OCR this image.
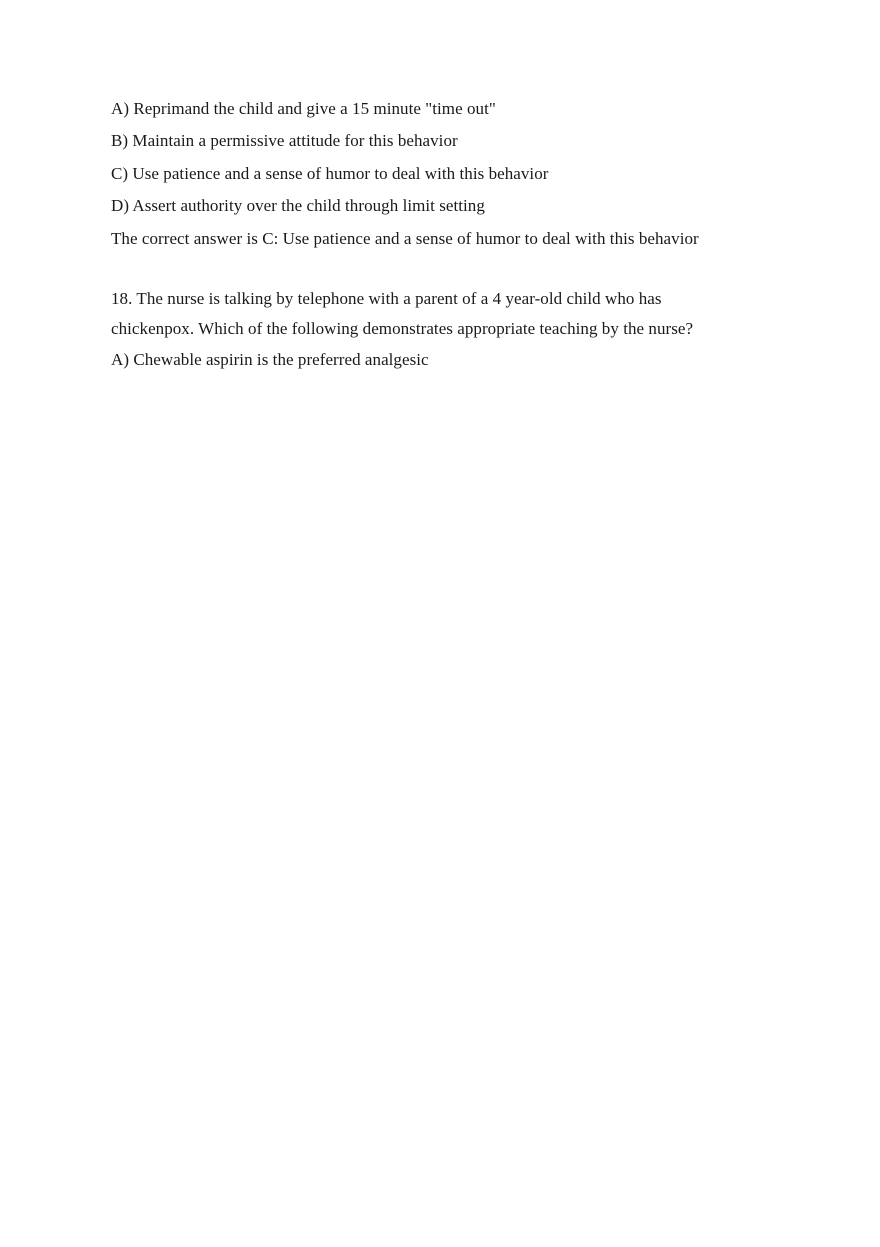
A) Reprimand the child and give a 15 minute "time out"
B) Maintain a permissive attitude for this behavior
C) Use patience and a sense of humor to deal with this behavior
D) Assert authority over the child through limit setting
The correct answer is C: Use patience and a sense of humor to deal with this behavior
18. The nurse is talking by telephone with a parent of a 4 year-old child who has
chickenpox. Which of the following demonstrates appropriate teaching by the nurse?
A) Chewable aspirin is the preferred analgesic
